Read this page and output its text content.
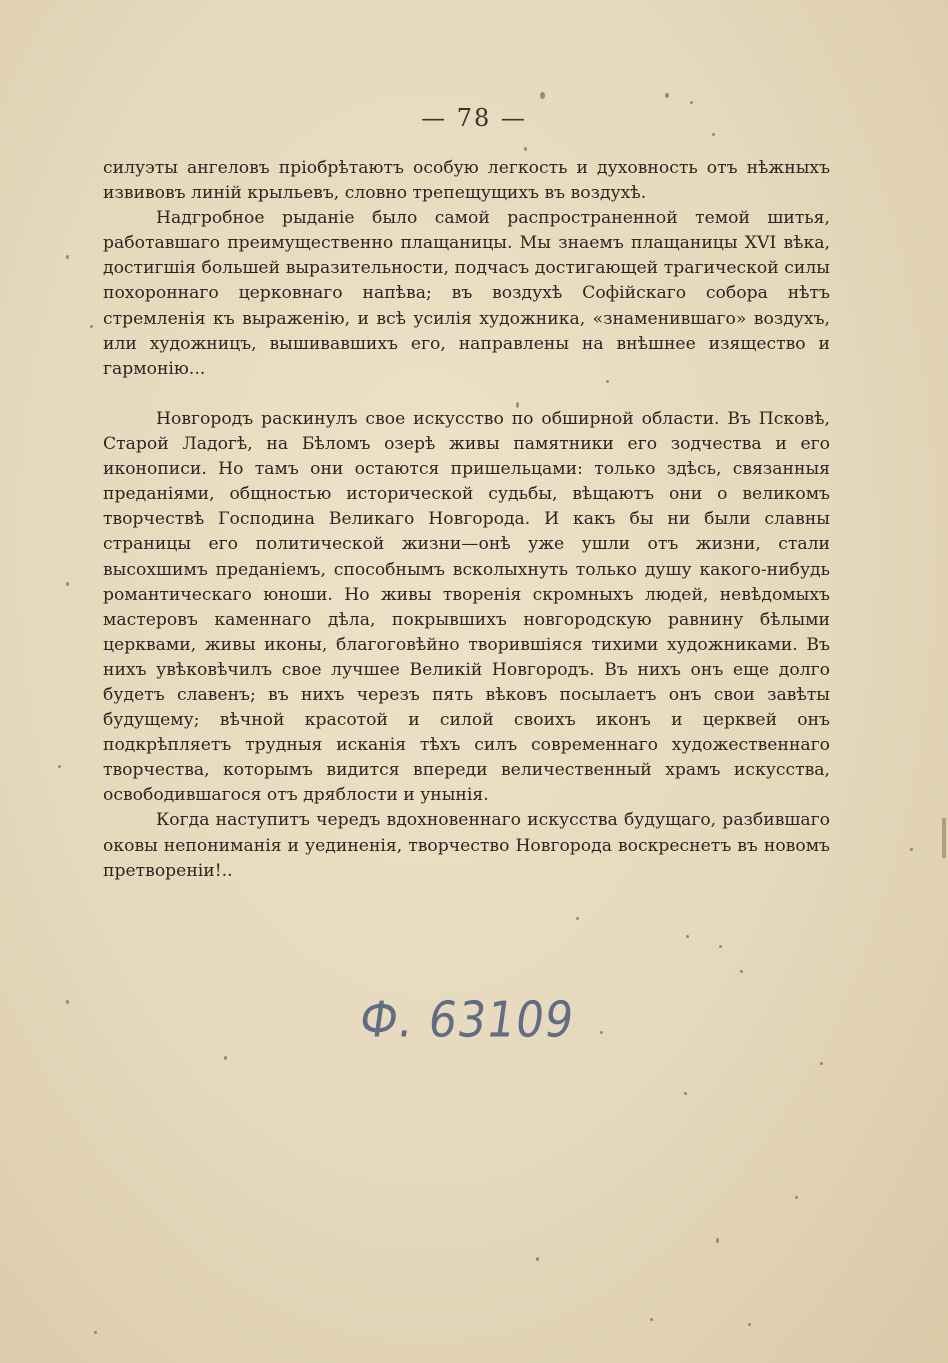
— 78 —

силуэты ангеловъ пріобрѣтаютъ особую легкость и духовность отъ нѣжныхъ извивовъ линій крыльевъ, словно трепещущихъ въ воздухѣ.

Надгробное рыданіе было самой распространенной темой шитья, работавшаго преимущественно плащаницы. Мы знаемъ плащаницы XVI вѣка, достигшія большей выразительности, подчасъ достигающей трагической силы похороннаго церковнаго напѣва; въ воздухѣ Софійскаго собора нѣтъ стремленія къ выраженію, и всѣ усилія художника, «знаменившаго» воздухъ, или художницъ, вышивавшихъ его, направлены на внѣшнее изящество и гармонію...

Новгородъ раскинулъ свое искусство по обширной области. Въ Псковѣ, Старой Ладогѣ, на Бѣломъ озерѣ живы памятники его зодчества и его иконописи. Но тамъ они остаются пришельцами: только здѣсь, связанныя преданіями, общностью исторической судьбы, вѣщаютъ они о великомъ творчествѣ Господина Великаго Новгорода. И какъ бы ни были славны страницы его политической жизни—онѣ уже ушли отъ жизни, стали высохшимъ преданіемъ, способнымъ всколыхнуть только душу какого-нибудь романтическаго юноши. Но живы творенія скромныхъ людей, невѣдомыхъ мастеровъ каменнаго дѣла, покрывшихъ новгородскую равнину бѣлыми церквами, живы иконы, благоговѣйно творившіяся тихими художниками. Въ нихъ увѣковѣчилъ свое лучшее Великій Новгородъ. Въ нихъ онъ еще долго будетъ славенъ; въ нихъ черезъ пять вѣковъ посылаетъ онъ свои завѣты будущему; вѣчной красотой и силой своихъ иконъ и церквей онъ подкрѣпляетъ трудныя исканія тѣхъ силъ современнаго художественнаго творчества, которымъ видится впереди величественный храмъ искусства, освободившагося отъ дряблости и унынія.

Когда наступитъ чередъ вдохновеннаго искусства будущаго, разбившаго оковы непониманія и уединенія, творчество Новгорода воскреснетъ въ новомъ претвореніи!..

Ф. 63109
